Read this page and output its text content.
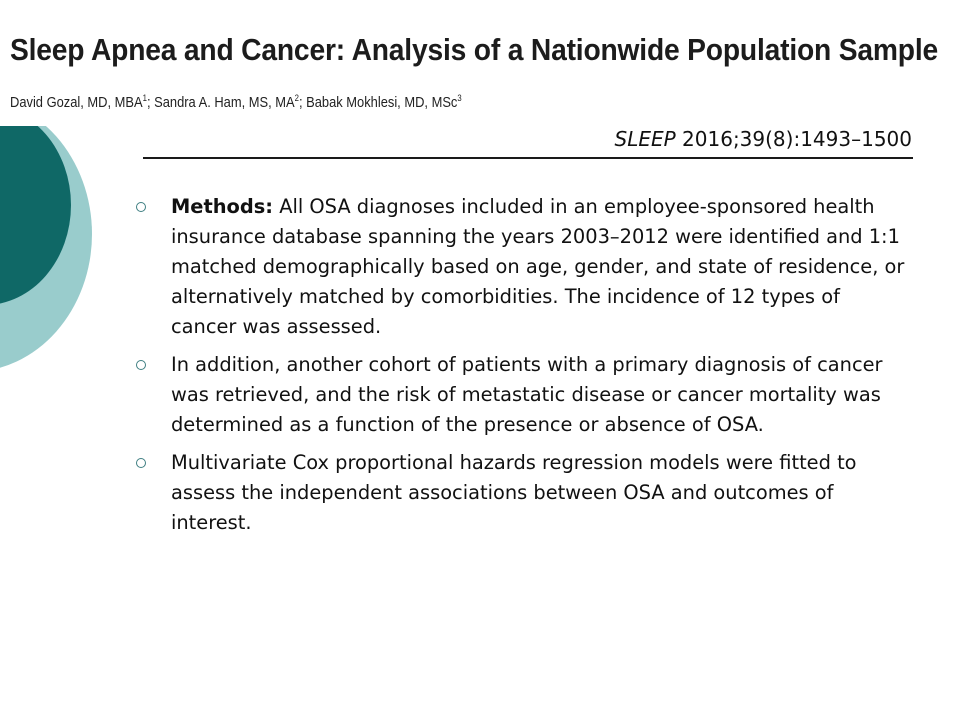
Sleep Apnea and Cancer: Analysis of a Nationwide Population Sample
David Gozal, MD, MBA$^1$; Sandra A. Ham, MS, $MA^2$; Babak Mokhlesi, MD, MSc$^3$
SLEEP 2016;39(8):1493–1500
Methods: All OSA diagnoses included in an employee-sponsored health insurance database spanning the years 2003–2012 were identified and 1:1 matched demographically based on age, gender, and state of residence, or alternatively matched by comorbidities. The incidence of 12 types of cancer was assessed.
In addition, another cohort of patients with a primary diagnosis of cancer was retrieved, and the risk of metastatic disease or cancer mortality was determined as a function of the presence or absence of OSA.
Multivariate Cox proportional hazards regression models were fitted to assess the independent associations between OSA and outcomes of interest.
